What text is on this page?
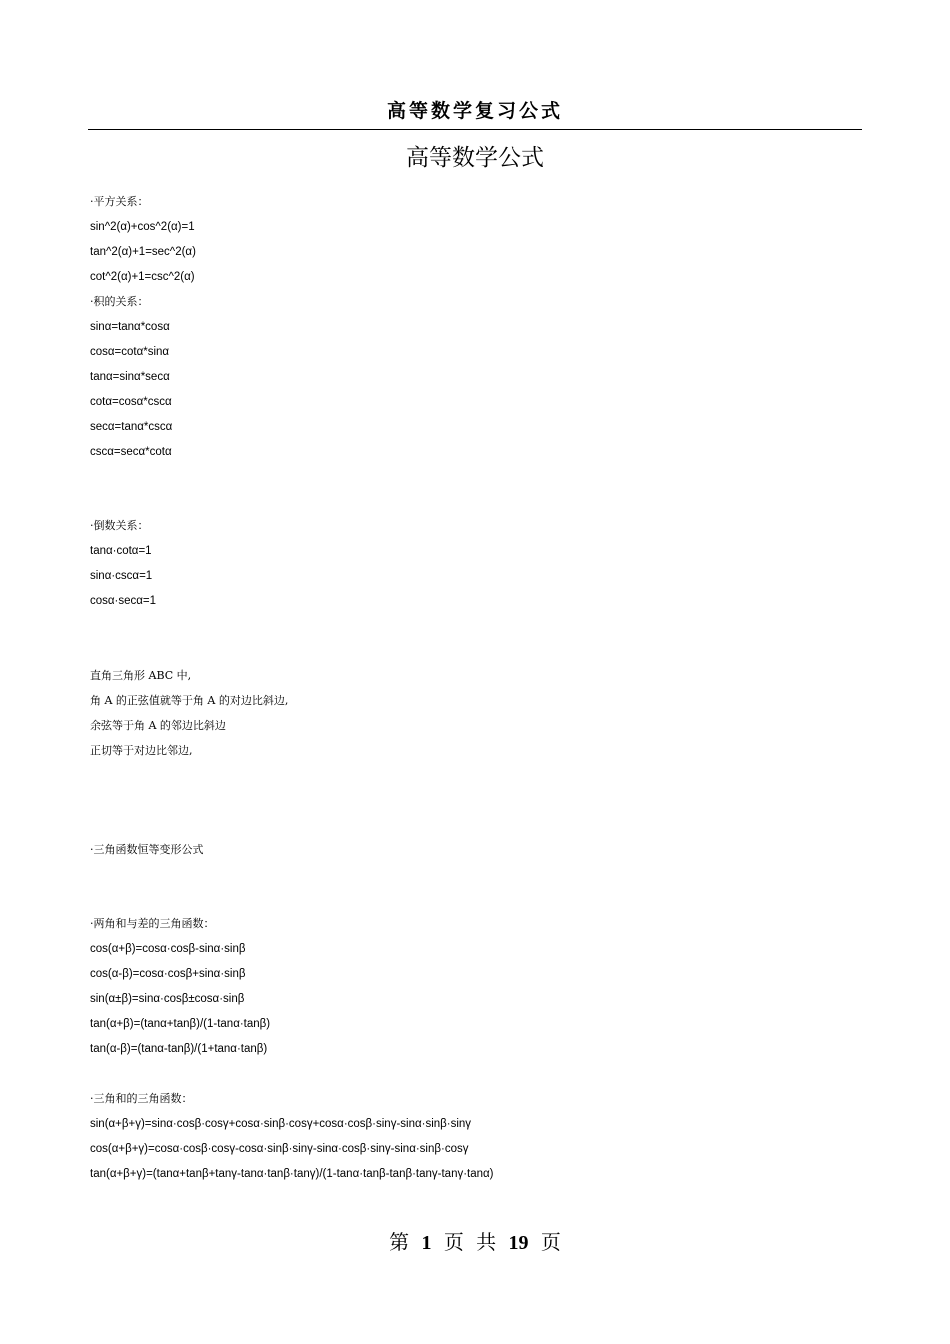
高等数学复习公式
高等数学公式
·平方关系：
sin^2(α)+cos^2(α)=1
tan^2(α)+1=sec^2(α)
cot^2(α)+1=csc^2(α)
·积的关系：
sinα=tanα*cosα
cosα=cotα*sinα
tanα=sinα*secα
cotα=cosα*cscα
secα=tanα*cscα
cscα=secα*cotα
·倒数关系：
tanα·cotα=1
sinα·cscα=1
cosα·secα=1
直角三角形 ABC 中,
角 A 的正弦值就等于角 A 的对边比斜边,
余弦等于角 A 的邻边比斜边
正切等于对边比邻边,
·三角函数恒等变形公式
·两角和与差的三角函数：
cos(α+β)=cosα·cosβ-sinα·sinβ
cos(α-β)=cosα·cosβ+sinα·sinβ
sin(α±β)=sinα·cosβ±cosα·sinβ
tan(α+β)=(tanα+tanβ)/(1-tanα·tanβ)
tan(α-β)=(tanα-tanβ)/(1+tanα·tanβ)
·三角和的三角函数：
sin(α+β+γ)=sinα·cosβ·cosγ+cosα·sinβ·cosγ+cosα·cosβ·sinγ-sinα·sinβ·sinγ
cos(α+β+γ)=cosα·cosβ·cosγ-cosα·sinβ·sinγ-sinα·cosβ·sinγ-sinα·sinβ·cosγ
tan(α+β+γ)=(tanα+tanβ+tanγ-tanα·tanβ·tanγ)/(1-tanα·tanβ-tanβ·tanγ-tanγ·tanα)
第 1 页 共 19 页
